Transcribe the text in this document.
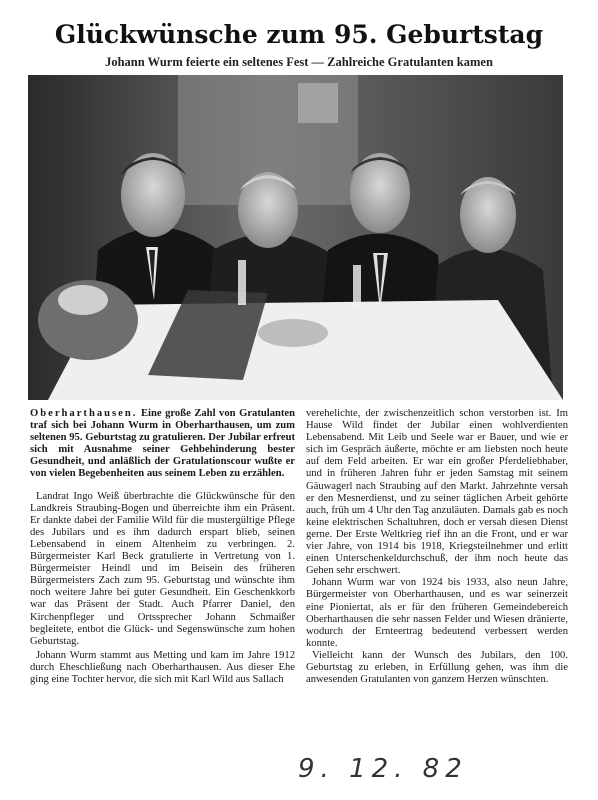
Glückwünsche zum 95. Geburtstag
Johann Wurm feierte ein seltenes Fest — Zahlreiche Gratulanten kamen

Oberharthausen. Eine große Zahl von Gratulanten traf sich bei Johann Wurm in Oberharthausen, um zum seltenen 95. Geburtstag zu gratulieren. Der Jubilar erfreut sich mit Ausnahme seiner Gehbehinderung bester Gesundheit, und anläßlich der Gratulationscour wußte er von vielen Begebenheiten aus seinem Leben zu erzählen.

Landrat Ingo Weiß überbrachte die Glückwünsche für den Landkreis Straubing-Bogen und überreichte ihm ein Präsent. Er dankte dabei der Familie Wild für die mustergültige Pflege des Jubilars und es ihm dadurch erspart blieb, seinen Lebensabend in einem Altenheim zu verbringen. 2. Bürgermeister Karl Beck gratulierte in Vertretung von 1. Bürgermeister Heindl und im Beisein des früheren Bürgermeisters Zach zum 95. Geburtstag und wünschte ihm noch weitere Jahre bei guter Gesundheit. Ein Geschenkkorb war das Präsent der Stadt. Auch Pfarrer Daniel, den Kirchenpfleger und Ortssprecher Johann Schmaißer begleitete, entbot die Glück- und Segenswünsche zum hohen Geburtstag.

Johann Wurm stammt aus Metting und kam im Jahre 1912 durch Eheschließung nach Oberharthausen. Aus dieser Ehe ging eine Tochter hervor, die sich mit Karl Wild aus Sallach

verehelichte, der zwischenzeitlich schon verstorben ist. Im Hause Wild findet der Jubilar einen wohlverdienten Lebensabend. Mit Leib und Seele war er Bauer, und wie er sich im Gespräch äußerte, möchte er am liebsten noch heute auf dem Feld arbeiten. Er war ein großer Pferdeliebhaber, und in früheren Jahren fuhr er jeden Samstag mit seinem Gäuwagerl nach Straubing auf den Markt. Jahrzehnte versah er den Mesnerdienst, und zu seiner täglichen Arbeit gehörte auch, früh um 4 Uhr den Tag anzuläuten. Damals gab es noch keine elektrischen Schaltuhren, doch er versah diesen Dienst gerne. Der Erste Weltkrieg rief ihn an die Front, und er war vier Jahre, von 1914 bis 1918, Kriegsteilnehmer und erlitt einen Unterschenkeldurchschuß, der ihm noch heute das Gehen sehr erschwert.

Johann Wurm war von 1924 bis 1933, also neun Jahre, Bürgermeister von Oberharthausen, und es war seinerzeit eine Pioniertat, als er für den früheren Gemeindebereich Oberharthausen die sehr nassen Felder und Wiesen dränierte, wodurch der Ernteertrag bedeutend verbessert werden konnte.

Vielleicht kann der Wunsch des Jubilars, den 100. Geburtstag zu erleben, in Erfüllung gehen, was ihm die anwesenden Gratulanten von ganzem Herzen wünschten.

9. 12. 82
